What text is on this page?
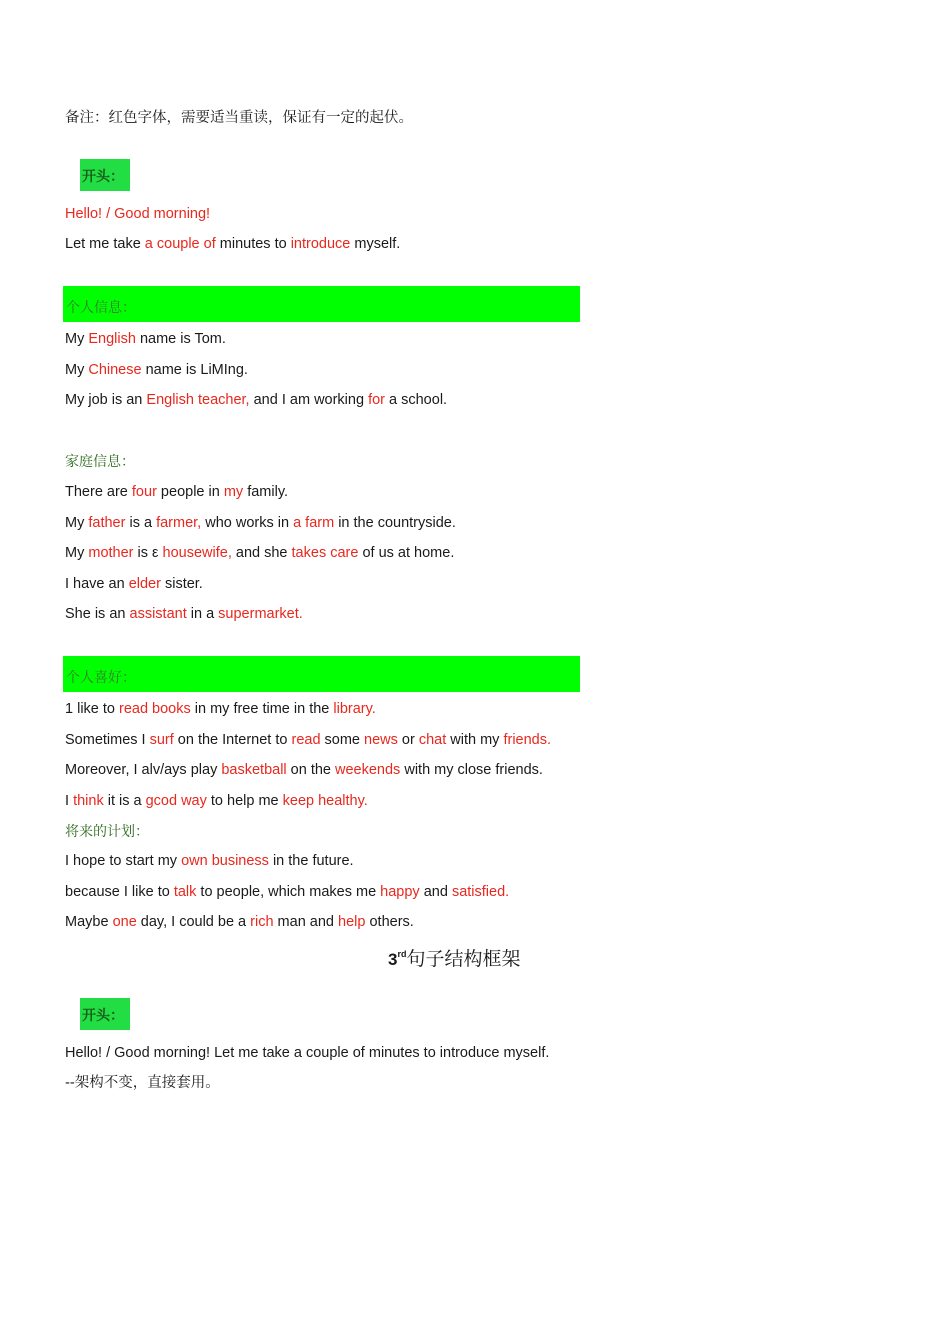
备注：红色字体，需要适当重读，保证有一定的起伏。
开头：
Hello! / Good morning!
Let me take a couple of minutes to introduce myself.
个人信息：
My English name is Tom.
My Chinese name is LiMIng.
My job is an English teacher, and I am working for a school.
家庭信息：
There are four people in my family.
My father is a farmer, who works in a farm in the countryside.
My mother is ε housewife, and she takes care of us at home.
I have an elder sister.
She is an assistant in a supermarket.
个人喜好：
1 like to read books in my free time in the library.
Sometimes I surf on the Internet to read some news or chat with my friends.
Moreover, I alv/ays play basketball on the weekends with my close friends.
I think it is a gcod way to help me keep healthy.
将来的计划：
I hope to start my own business in the future.
because I like to talk to people, which makes me happy and satisfied.
Maybe one day, I could be a rich man and help others.
3rd句子结构框架
开头：
Hello! / Good morning! Let me take a couple of minutes to introduce myself.
--架构不变，直接套用。
